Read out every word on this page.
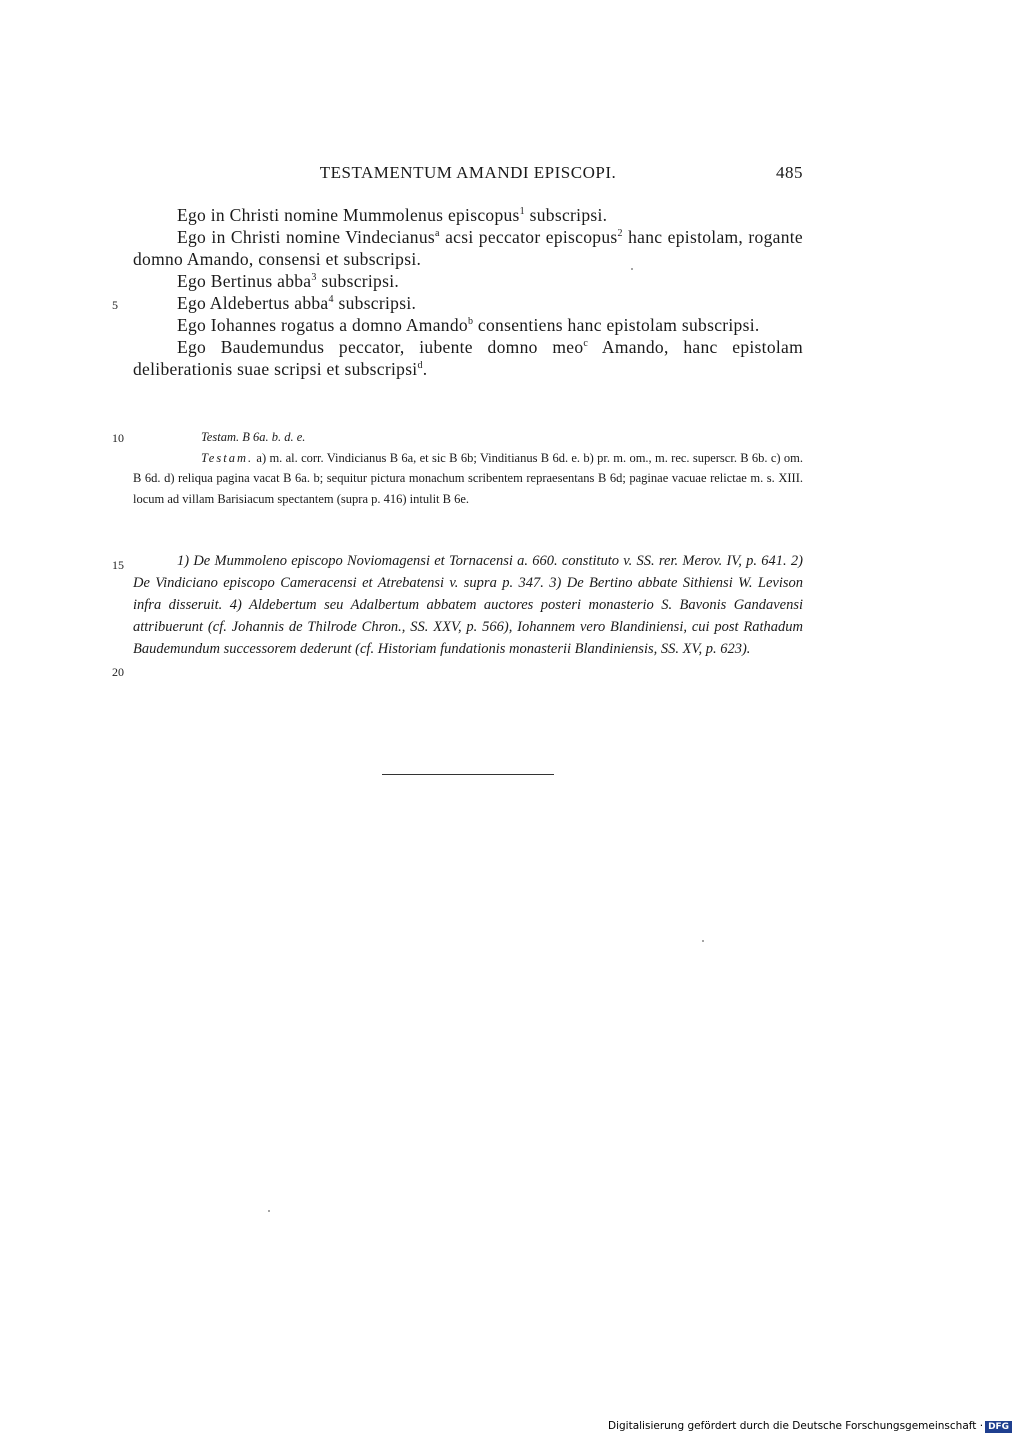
TESTAMENTUM AMANDI EPISCOPI.	485

Ego in Christi nomine Mummolenus episcopus$^1$ subscripsi.

Ego in Christi nomine Vindecianus$^a$ acsi peccator episcopus$^2$ hanc epistolam, rogante domno Amando, consensi et subscripsi.

Ego Bertinus abba$^3$ subscripsi.

Ego Aldebertus abba$^4$ subscripsi.

Ego Iohannes rogatus a domno Amando$^b$ consentiens hanc epistolam subscripsi.

Ego Baudemundus peccator, iubente domno meo$^c$ Amando, hanc epistolam deliberationis suae scripsi et subscripsi$^d$.

5
10
15
20

Testam. B 6a. b. d. e.

Testam. a) m. al. corr. Vindicianus B 6a, et sic B 6b; Vinditianus B 6d. e. b) pr. m. om., m. rec. superscr. B 6b. c) om. B 6d. d) reliqua pagina vacat B 6a. b; sequitur pictura monachum scribentem repraesentans B 6d; paginae vacuae relictae m. s. XIII. locum ad villam Barisiacum spectantem (supra p. 416) intulit B 6e.

1) De Mummoleno episcopo Noviomagensi et Tornacensi a. 660. constituto v. SS. rer. Merov. IV, p. 641. 2) De Vindiciano episcopo Cameracensi et Atrebatensi v. supra p. 347. 3) De Bertino abbate Sithiensi W. Levison infra disseruit. 4) Aldebertum seu Adalbertum abbatem auctores posteri monasterio S. Bavonis Gandavensi attribuerunt (cf. Johannis de Thilrode Chron., SS. XXV, p. 566), Iohannem vero Blandiniensi, cui post Rathadum Baudemundum successorem dederunt (cf. Historiam fundationis monasterii Blandiniensis, SS. XV, p. 623).

Digitalisierung gefördert durch die Deutsche Forschungsgemeinschaft · DFG
